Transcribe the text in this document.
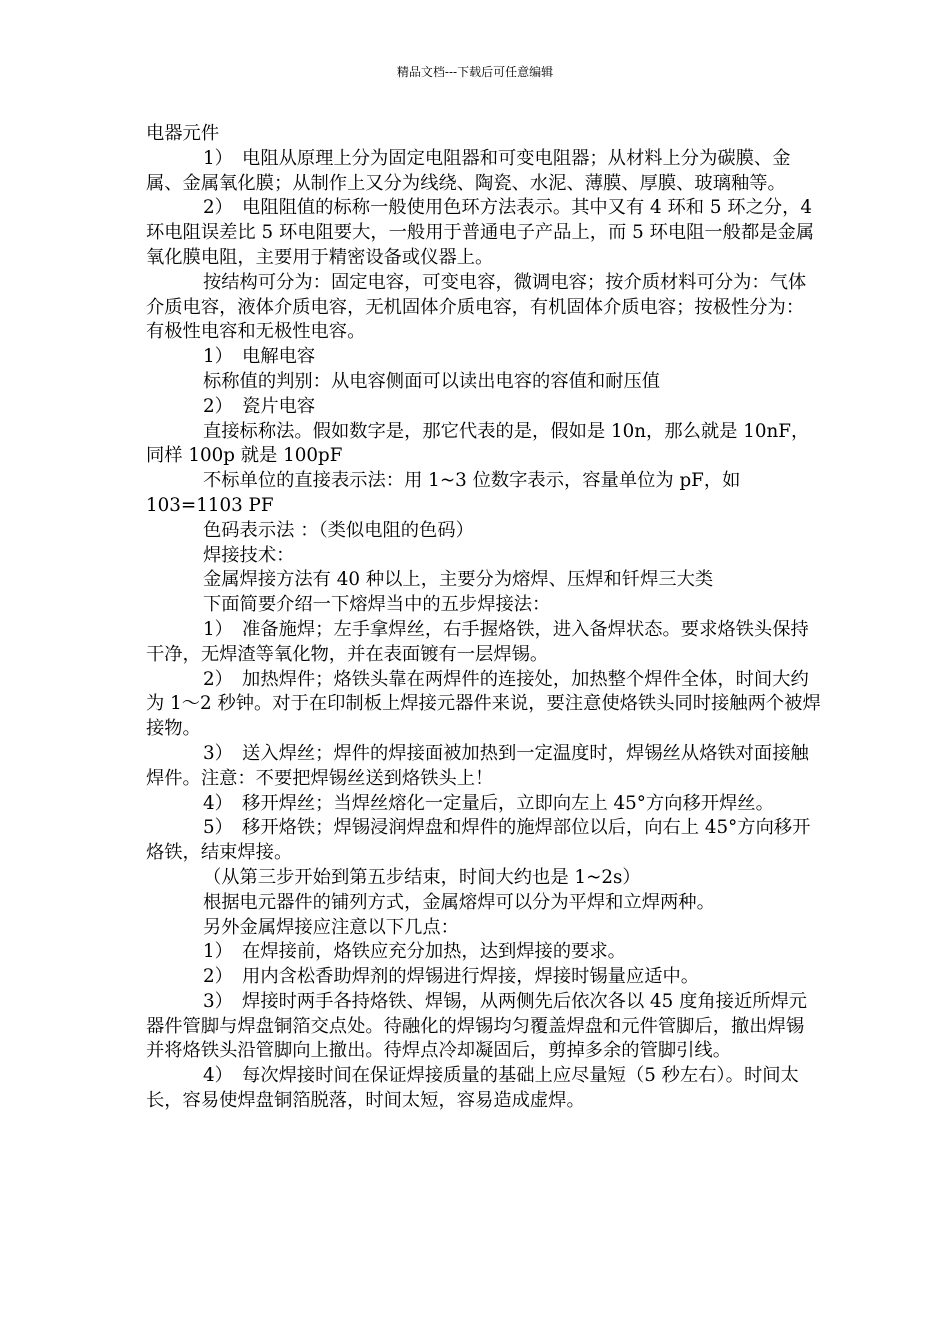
精品文档---下载后可任意编辑

电器元件

1）　电阻从原理上分为固定电阻器和可变电阻器；从材料上分为碳膜、金属、金属氧化膜；从制作上又分为线绕、陶瓷、水泥、薄膜、厚膜、玻璃釉等。

2）　电阻阻值的标称一般使用色环方法表示。其中又有 4 环和 5 环之分，4 环电阻误差比 5 环电阻要大，一般用于普通电子产品上，而 5 环电阻一般都是金属氧化膜电阻，主要用于精密设备或仪器上。

按结构可分为：固定电容，可变电容，微调电容；按介质材料可分为：气体介质电容，液体介质电容，无机固体介质电容，有机固体介质电容；按极性分为：有极性电容和无极性电容。

1）　电解电容

标称值的判别：从电容侧面可以读出电容的容值和耐压值

2）　瓷片电容

直接标称法。假如数字是，那它代表的是，假如是 10n，那么就是 10nF，同样 100p 就是 100pF

不标单位的直接表示法：用 1~3 位数字表示，容量单位为 pF，如 103=1103 PF

色码表示法 ：（类似电阻的色码）

焊接技术：

金属焊接方法有 40 种以上，主要分为熔焊、压焊和钎焊三大类

下面简要介绍一下熔焊当中的五步焊接法：

1）　准备施焊；左手拿焊丝，右手握烙铁，进入备焊状态。要求烙铁头保持干净，无焊渣等氧化物，并在表面镀有一层焊锡。

2）　加热焊件；烙铁头靠在两焊件的连接处，加热整个焊件全体，时间大约为 1～2 秒钟。对于在印制板上焊接元器件来说，要注意使烙铁头同时接触两个被焊接物。

3）　送入焊丝；焊件的焊接面被加热到一定温度时，焊锡丝从烙铁对面接触焊件。注意：不要把焊锡丝送到烙铁头上！

4）　移开焊丝；当焊丝熔化一定量后，立即向左上 45°方向移开焊丝。

5）　移开烙铁；焊锡浸润焊盘和焊件的施焊部位以后，向右上 45°方向移开烙铁，结束焊接。

（从第三步开始到第五步结束，时间大约也是 1~2s）

根据电元器件的铺列方式，金属熔焊可以分为平焊和立焊两种。

另外金属焊接应注意以下几点：

1）　在焊接前，烙铁应充分加热，达到焊接的要求。

2）　用内含松香助焊剂的焊锡进行焊接，焊接时锡量应适中。

3）　焊接时两手各持烙铁、焊锡，从两侧先后依次各以 45 度角接近所焊元器件管脚与焊盘铜箔交点处。待融化的焊锡均匀覆盖焊盘和元件管脚后，撤出焊锡并将烙铁头沿管脚向上撤出。待焊点冷却凝固后，剪掉多余的管脚引线。

4）　每次焊接时间在保证焊接质量的基础上应尽量短（5 秒左右）。时间太长，容易使焊盘铜箔脱落，时间太短，容易造成虚焊。
